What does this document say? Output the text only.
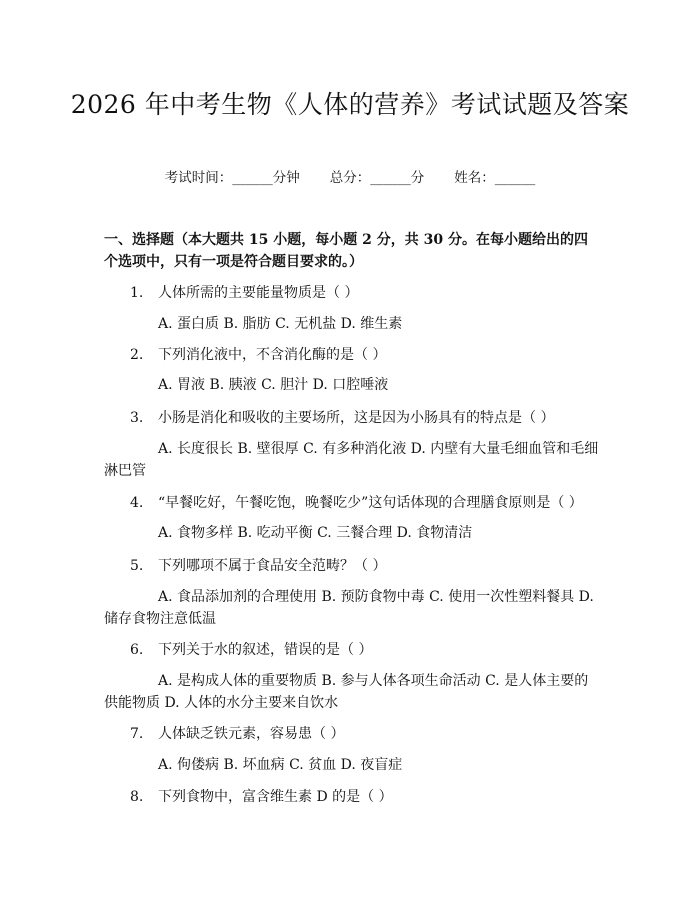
2026 年中考生物《人体的营养》考试试题及答案
考试时间：______分钟 总分：______分 姓名：______
一、选择题（本大题共 15 小题，每小题 2 分，共 30 分。在每小题给出的四个选项中，只有一项是符合题目要求的。）
1.	人体所需的主要能量物质是（ ）
A. 蛋白质 B. 脂肪 C. 无机盐 D. 维生素
2.	下列消化液中，不含消化酶的是（ ）
A. 胃液 B. 胰液 C. 胆汁 D. 口腔唾液
3.	小肠是消化和吸收的主要场所，这是因为小肠具有的特点是（ ）
A. 长度很长 B. 壁很厚 C. 有多种消化液 D. 内壁有大量毛细血管和毛细淋巴管
4.	“早餐吃好，午餐吃饱，晚餐吃少”这句话体现的合理膳食原则是（ ）
A. 食物多样 B. 吃动平衡 C. 三餐合理 D. 食物清洁
5.	下列哪项不属于食品安全范畴？（ ）
A. 食品添加剂的合理使用 B. 预防食物中毒 C. 使用一次性塑料餐具 D. 储存食物注意低温
6.	下列关于水的叙述，错误的是（ ）
A. 是构成人体的重要物质 B. 参与人体各项生命活动 C. 是人体主要的供能物质 D. 人体的水分主要来自饮水
7.	人体缺乏铁元素，容易患（ ）
A. 佝偻病 B. 坏血病 C. 贫血 D. 夜盲症
8.	下列食物中，富含维生素 D 的是（ ）
